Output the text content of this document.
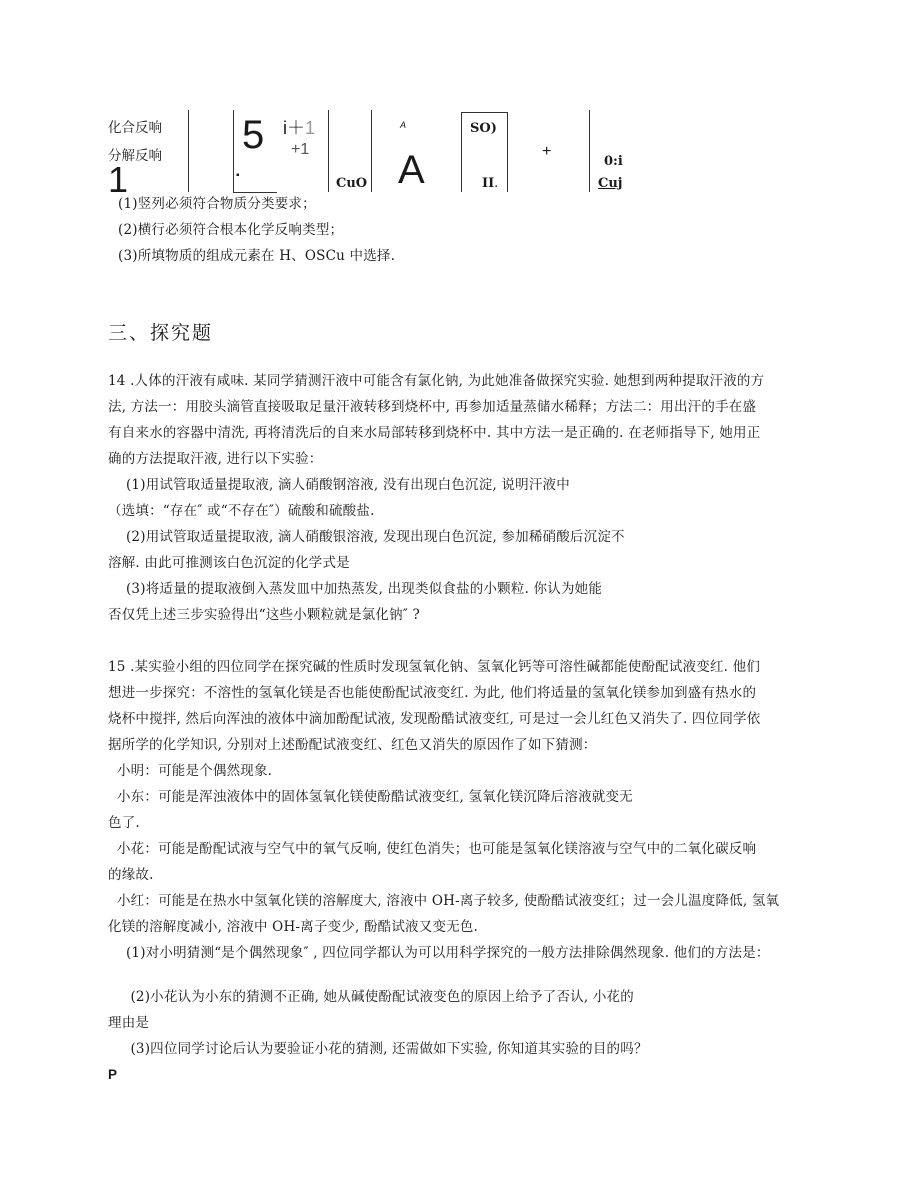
化合反响
分解反响
1
5 i＋1
+1
▪
CuO
A
A
SO)
II.
+
0:i
Cuj

(1)竖列必须符合物质分类要求；

(2)横行必须符合根本化学反响类型；

(3)所填物质的组成元素在 H、OSCu 中选择.

三、探究题

14 .人体的汗液有咸味. 某同学猜测汗液中可能含有氯化钠, 为此她准备做探究实验. 她想到两种提取汗液的方

法, 方法一：用胶头滴管直接吸取足量汗液转移到烧杯中, 再参加适量蒸储水稀释；方法二：用出汗的手在盛

有自来水的容器中清洗, 再将清洗后的自来水局部转移到烧杯中. 其中方法一是正确的. 在老师指导下, 她用正

确的方法提取汗液, 进行以下实验：

(1)用试管取适量提取液, 滴人硝酸钢溶液, 没有出现白色沉淀, 说明汗液中

（选填：“存在″ 或“不存在″）硫酸和硫酸盐.

(2)用试管取适量提取液, 滴人硝酸银溶液, 发现出现白色沉淀, 参加稀硝酸后沉淀不

溶解. 由此可推测该白色沉淀的化学式是

(3)将适量的提取液倒入蒸发皿中加热蒸发, 出现类似食盐的小颗粒. 你认为她能

否仅凭上述三步实验得出“这些小颗粒就是氯化钠″ ?

15 .某实验小组的四位同学在探究碱的性质时发现氢氧化钠、氢氧化钙等可溶性碱都能使酚配试液变红. 他们

想进一步探究：不溶性的氢氧化镁是否也能使酚配试液变红. 为此, 他们将适量的氢氧化镁参加到盛有热水的

烧杯中搅拌, 然后向浑浊的液体中滴加酚配试液, 发现酚酷试液变红, 可是过一会儿红色又消失了. 四位同学依

据所学的化学知识, 分别对上述酚配试液变红、红色又消失的原因作了如下猜测：

小明：可能是个偶然现象.

小东：可能是浑浊液体中的固体氢氧化镁使酚酷试液变红, 氢氧化镁沉降后溶液就变无

色了.

小花：可能是酚配试液与空气中的氧气反响, 使红色消失；也可能是氢氧化镁溶液与空气中的二氧化碳反响

的缘故.

小红：可能是在热水中氢氧化镁的溶解度大, 溶液中 OH-离子较多, 使酚酷试液变红；过一会儿温度降低, 氢氧

化镁的溶解度减小, 溶液中 OH-离子变少, 酚酷试液又变无色.

(1)对小明猜测“是个偶然现象″ , 四位同学都认为可以用科学探究的一般方法排除偶然现象. 他们的方法是：

(2)小花认为小东的猜测不正确, 她从碱使酚配试液变色的原因上给予了否认, 小花的

理由是

(3)四位同学讨论后认为要验证小花的猜测, 还需做如下实验, 你知道其实验的目的吗？

P
